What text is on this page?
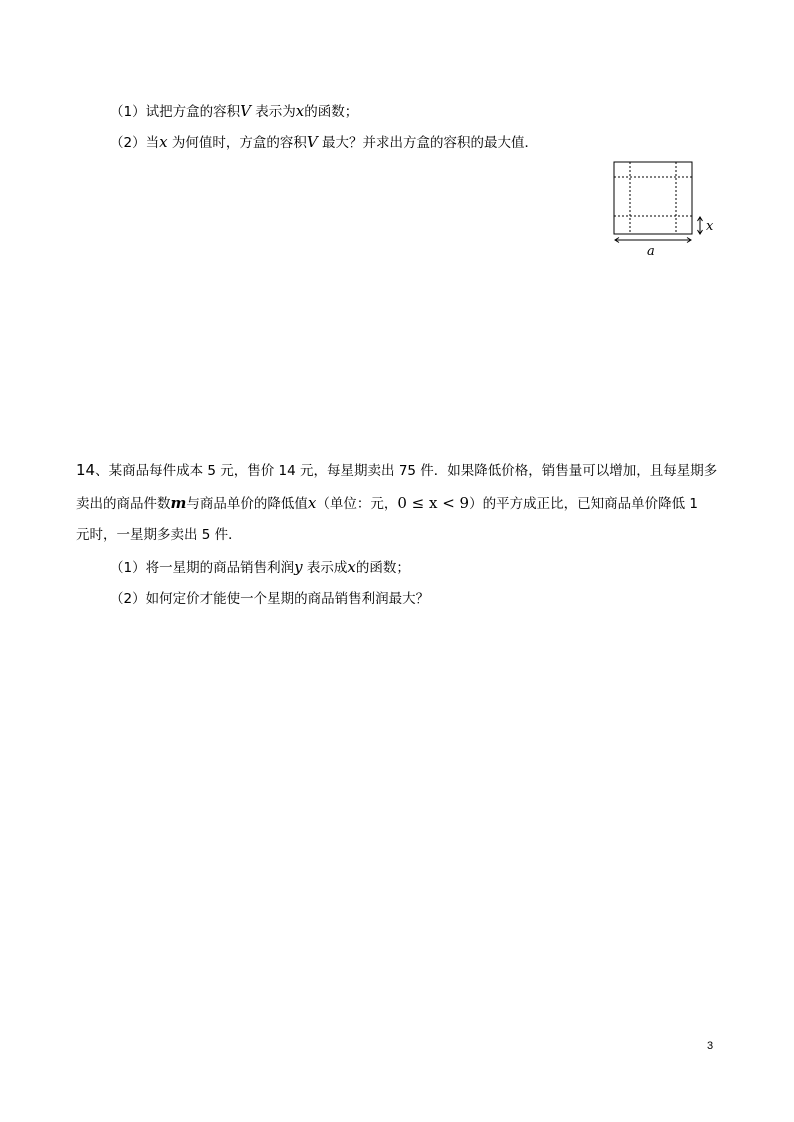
（1）试把方盒的容积V 表示为x的函数；
（2）当x 为何值时，方盒的容积V 最大？并求出方盒的容积的最大值．
x
a
14、某商品每件成本 5 元，售价 14 元，每星期卖出 75 件．如果降低价格，销售量可以增加，且每星期多
卖出的商品件数m与商品单价的降低值x（单位：元，0 ≤ x < 9）的平方成正比，已知商品单价降低 1
元时，一星期多卖出 5 件．
（1）将一星期的商品销售利润y 表示成x的函数；
（2）如何定价才能使一个星期的商品销售利润最大？
3
